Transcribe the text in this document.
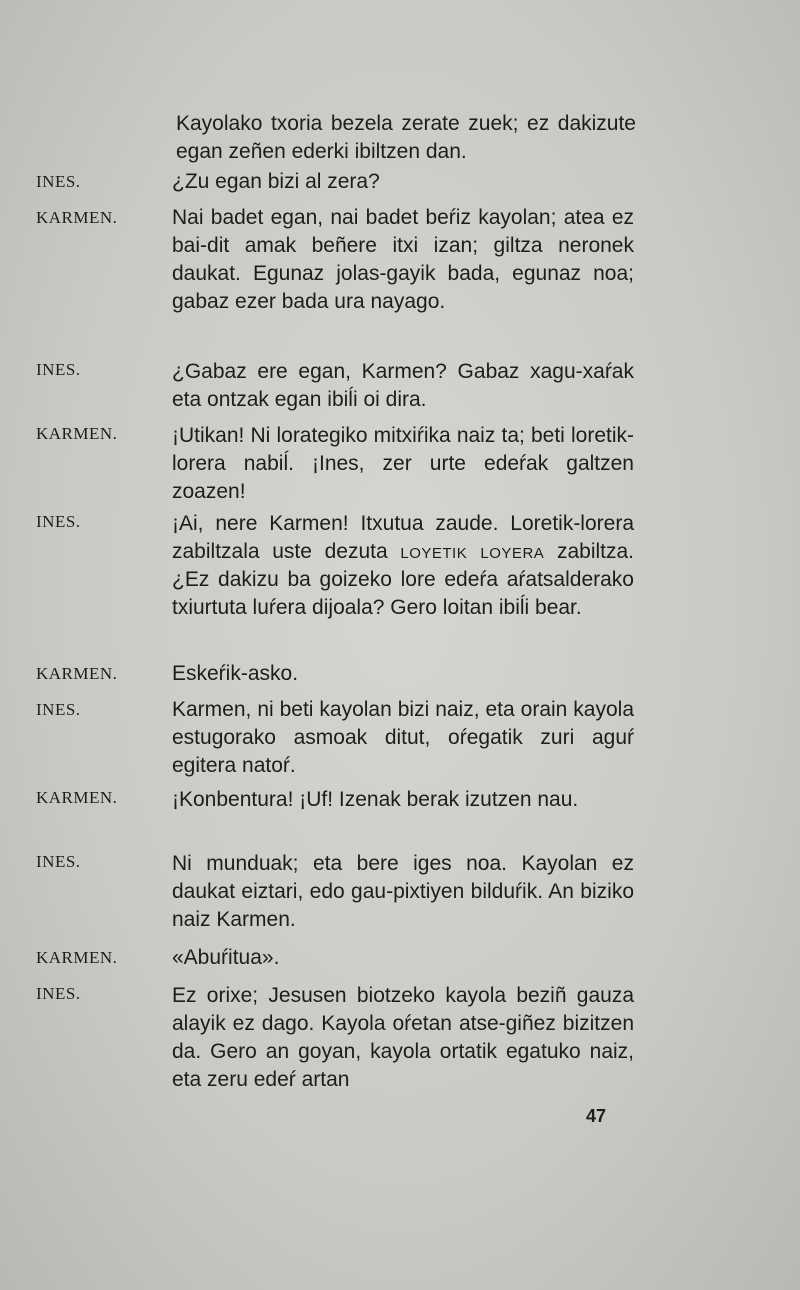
Kayolako txoria bezela zerate zuek; ez dakizute egan zeñen ederki ibiltzen dan.
INES.	¿Zu egan bizi al zera?
KARMEN.	Nai badet egan, nai badet beŕiz kayolan; atea ez bai-dit amak beñere itxi izan; giltza neronek daukat. Egunaz jolas-gayik bada, egunaz noa; gabaz ezer bada ura nayago.
INES.	¿Gabaz ere egan, Karmen? Gabaz xagu-xaŕak eta ontzak egan ibiĺi oi dira.
KARMEN.	¡Utikan! Ni lorategiko mitxiŕika naiz ta; beti loretik-lorera nabiĺ. ¡Ines, zer urte edeŕak galtzen zoazen!
INES.	¡Ai, nere Karmen! Itxutua zaude. Loretik-lorera zabiltzala uste dezuta loyetik loyera zabiltza. ¿Ez dakizu ba goizeko lore edeŕa aŕatsalderako txiurtuta luŕera dijoala? Gero loitan ibiĺi bear.
KARMEN.	Eskeŕik-asko.
INES.	Karmen, ni beti kayolan bizi naiz, eta orain kayola estugorako asmoak ditut, oŕegatik zuri aguŕ egitera natoŕ.
KARMEN.	¡Konbentura! ¡Uf! Izenak berak izutzen nau.
INES.	Ni munduak; eta bere iges noa. Kayolan ez daukat eiztari, edo gau-pixtiyen bilduŕik. An biziko naiz Karmen.
KARMEN.	«Abuŕitua».
INES.	Ez orixe; Jesusen biotzeko kayola beziñ gauza alayik ez dago. Kayola oŕetan atse-giñez bizitzen da. Gero an goyan, kayola ortatik egatuko naiz, eta zeru edeŕ artan
47
